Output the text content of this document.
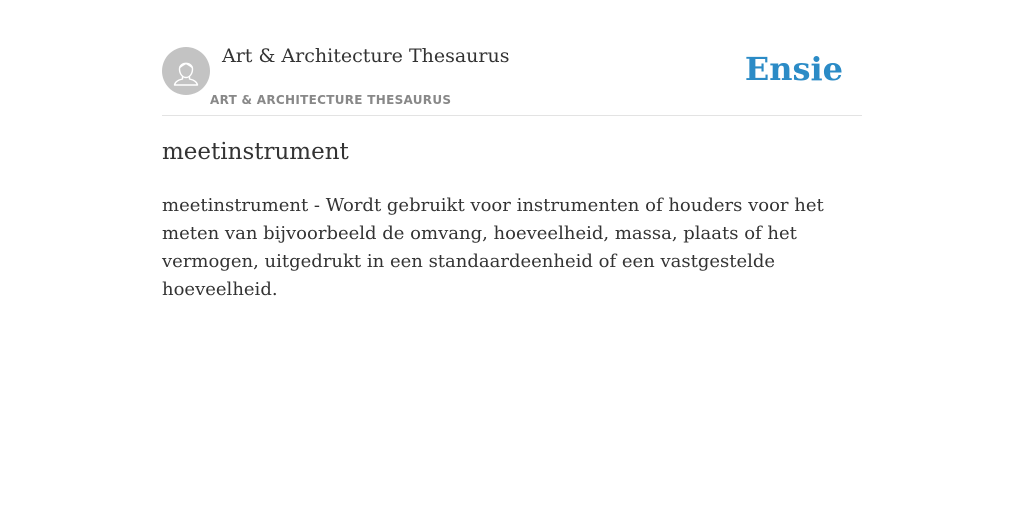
Art & Architecture Thesaurus
ART & ARCHITECTURE THESAURUS
Ensie
meetinstrument

meetinstrument - Wordt gebruikt voor instrumenten of houders voor het meten van bijvoorbeeld de omvang, hoeveelheid, massa, plaats of het vermogen, uitgedrukt in een standaardeenheid of een vastgestelde hoeveelheid.
